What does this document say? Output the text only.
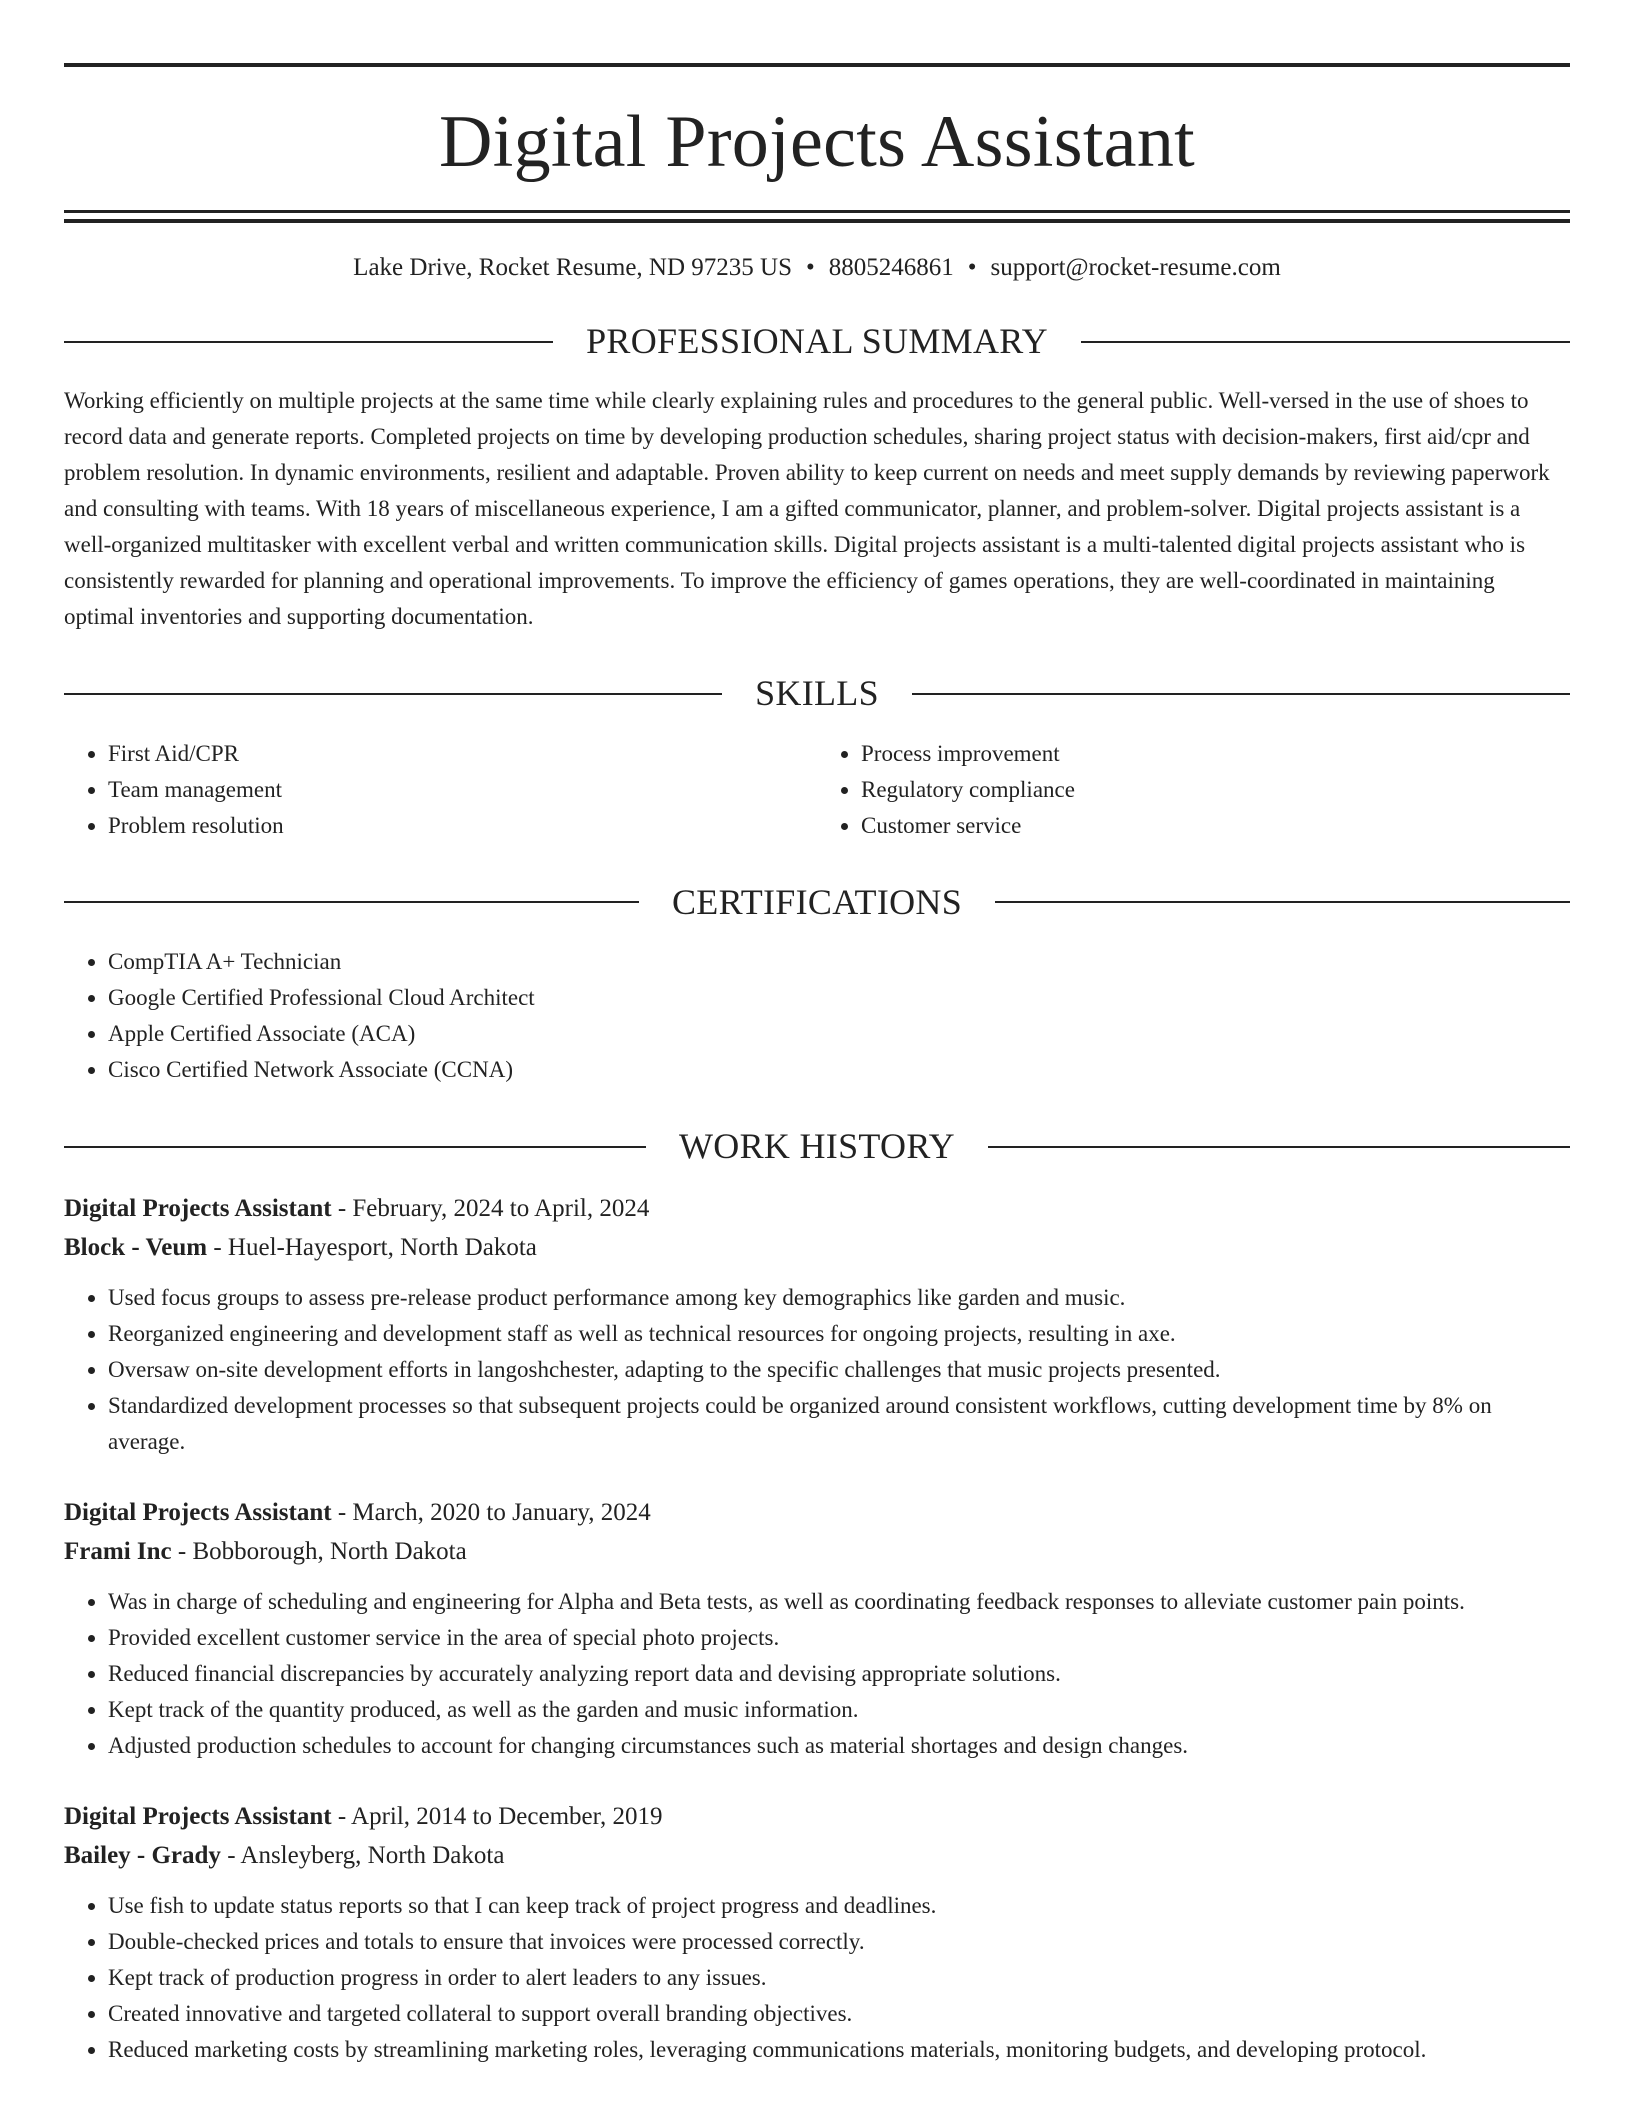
Digital Projects Assistant
Lake Drive, Rocket Resume, ND 97235 US • 8805246861 • support@rocket-resume.com
PROFESSIONAL SUMMARY

Working efficiently on multiple projects at the same time while clearly explaining rules and procedures to the general public. Well-versed in the use of shoes to record data and generate reports. Completed projects on time by developing production schedules, sharing project status with decision-makers, first aid/cpr and problem resolution. In dynamic environments, resilient and adaptable. Proven ability to keep current on needs and meet supply demands by reviewing paperwork and consulting with teams. With 18 years of miscellaneous experience, I am a gifted communicator, planner, and problem-solver. Digital projects assistant is a well-organized multitasker with excellent verbal and written communication skills. Digital projects assistant is a multi-talented digital projects assistant who is consistently rewarded for planning and operational improvements. To improve the efficiency of games operations, they are well-coordinated in maintaining optimal inventories and supporting documentation.

SKILLS
• First Aid/CPR
• Team management
• Problem resolution
• Process improvement
• Regulatory compliance
• Customer service
CERTIFICATIONS
• CompTIA A+ Technician
• Google Certified Professional Cloud Architect
• Apple Certified Associate (ACA)
• Cisco Certified Network Associate (CCNA)
WORK HISTORY
Digital Projects Assistant - February, 2024 to April, 2024
Block - Veum - Huel-Hayesport, North Dakota
• Used focus groups to assess pre-release product performance among key demographics like garden and music.
• Reorganized engineering and development staff as well as technical resources for ongoing projects, resulting in axe.
• Oversaw on-site development efforts in langoshchester, adapting to the specific challenges that music projects presented.
• Standardized development processes so that subsequent projects could be organized around consistent workflows, cutting development time by 8% on average.
Digital Projects Assistant - March, 2020 to January, 2024
Frami Inc - Bobborough, North Dakota
• Was in charge of scheduling and engineering for Alpha and Beta tests, as well as coordinating feedback responses to alleviate customer pain points.
• Provided excellent customer service in the area of special photo projects.
• Reduced financial discrepancies by accurately analyzing report data and devising appropriate solutions.
• Kept track of the quantity produced, as well as the garden and music information.
• Adjusted production schedules to account for changing circumstances such as material shortages and design changes.
Digital Projects Assistant - April, 2014 to December, 2019
Bailey - Grady - Ansleyberg, North Dakota
• Use fish to update status reports so that I can keep track of project progress and deadlines.
• Double-checked prices and totals to ensure that invoices were processed correctly.
• Kept track of production progress in order to alert leaders to any issues.
• Created innovative and targeted collateral to support overall branding objectives.
• Reduced marketing costs by streamlining marketing roles, leveraging communications materials, monitoring budgets, and developing protocol.
